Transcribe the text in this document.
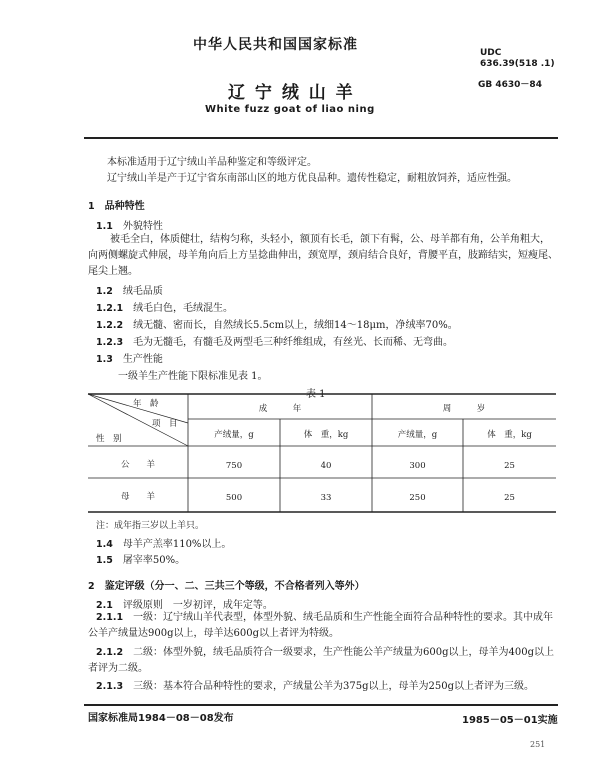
中华人民共和国国家标准	UDC 636.39(518 .1)
辽 宁 绒 山 羊	GB 4630－84
White fuzz goat of liao ning
本标准适用于辽宁绒山羊品种鉴定和等级评定。
辽宁绒山羊是产于辽宁省东南部山区的地方优良品种。遗传性稳定，耐粗放饲养，适应性强。
1　 品种特性
1.1　 外貌特性
被毛全白，体质健壮，结构匀称，头轻小，额顶有长毛，颌下有髯，公、母羊都有角，公羊角粗大，向两侧螺旋式伸展，母羊角向后上方呈捻曲伸出，颈宽厚，颈肩结合良好，背腰平直，肢蹄结实，短瘦尾、尾尖上翘。
1.2　 绒毛品质
1.2.1　 绒毛白色，毛绒混生。
1.2.2　 绒无髓、密而长，自然绒长5.5cm以上，绒细14～18μm，净绒率70%。
1.2.3　 毛为无髓毛，有髓毛及两型毛三种纤维组成，有丝光、长而稀、无弯曲。
1.3　 生产性能
一级羊生产性能下限标准见表 1。
表 1
年　龄
项　目
性　别
成　　　年	周　　　岁
产绒量，g	体　重，kg	产绒量，g	体　重，kg
公　　羊	750	40	300	25
母　　羊	500	33	250	25
注：成年指三岁以上羊只。
1.4　 母羊产羔率110%以上。
1.5　 屠宰率50%。
2　 鉴定评级（分一、二、三共三个等级，不合格者列入等外）
2.1　 评级原则　一岁初评，成年定等。
2.1.1　 一级：辽宁绒山羊代表型，体型外貌、绒毛品质和生产性能全面符合品种特性的要求。其中成年公羊产绒量达900g以上，母羊达600g以上者评为特级。
2.1.2　 二级：体型外貌，绒毛品质符合一级要求，生产性能公羊产绒量为600g以上，母羊为400g以上者评为二级。
2.1.3　 三级：基本符合品种特性的要求，产绒量公羊为375g以上，母羊为250g以上者评为三级。
国家标准局1984－08－08发布	1985－05－01实施
251
